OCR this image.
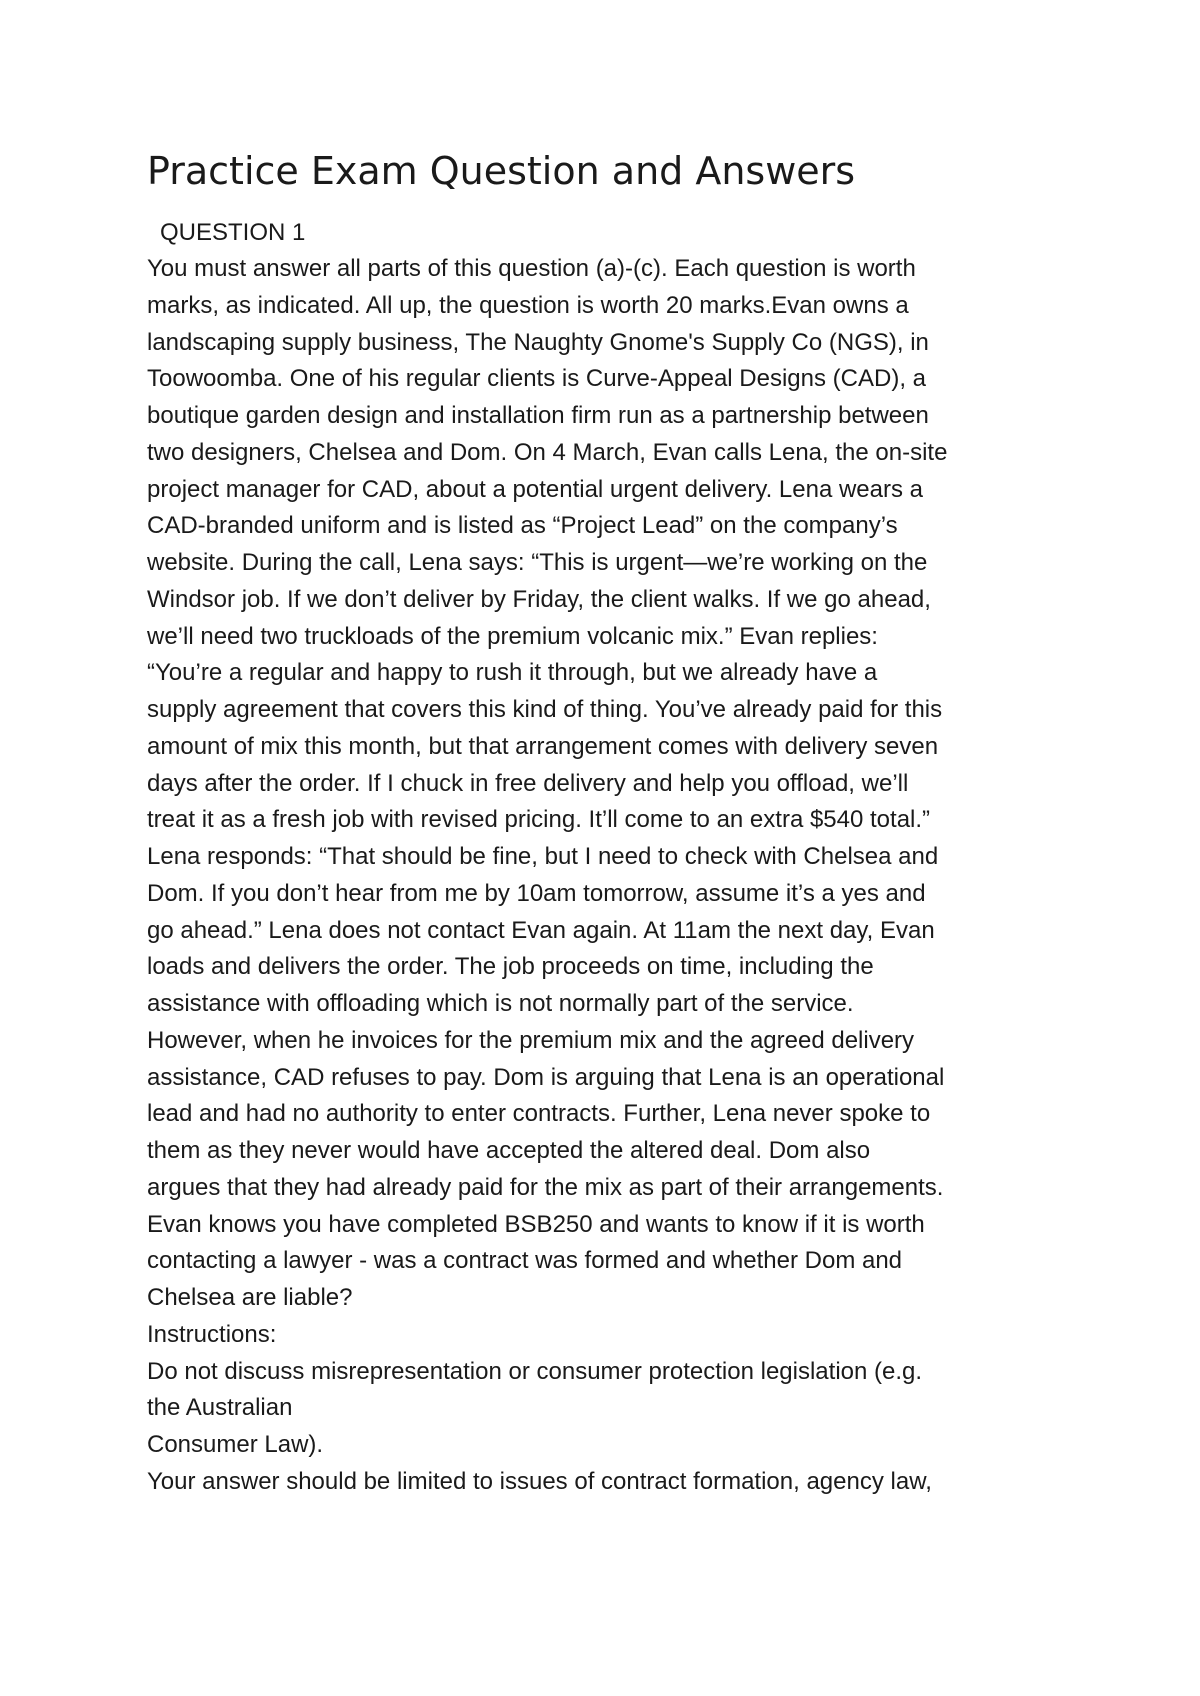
Practice Exam Question and Answers
QUESTION 1
You must answer all parts of this question (a)-(c). Each question is worth
marks, as indicated. All up, the question is worth 20 marks.Evan owns a
landscaping supply business, The Naughty Gnome's Supply Co (NGS), in
Toowoomba. One of his regular clients is Curve-Appeal Designs (CAD), a
boutique garden design and installation firm run as a partnership between
two designers, Chelsea and Dom. On 4 March, Evan calls Lena, the on-site
project manager for CAD, about a potential urgent delivery. Lena wears a
CAD-branded uniform and is listed as “Project Lead” on the company’s
website. During the call, Lena says: “This is urgent—we’re working on the
Windsor job. If we don’t deliver by Friday, the client walks. If we go ahead,
we’ll need two truckloads of the premium volcanic mix.” Evan replies:
“You’re a regular and happy to rush it through, but we already have a
supply agreement that covers this kind of thing. You’ve already paid for this
amount of mix this month, but that arrangement comes with delivery seven
days after the order. If I chuck in free delivery and help you offload, we’ll
treat it as a fresh job with revised pricing. It’ll come to an extra $540 total.”
Lena responds: “That should be fine, but I need to check with Chelsea and
Dom. If you don’t hear from me by 10am tomorrow, assume it’s a yes and
go ahead.” Lena does not contact Evan again. At 11am the next day, Evan
loads and delivers the order. The job proceeds on time, including the
assistance with offloading which is not normally part of the service.
However, when he invoices for the premium mix and the agreed delivery
assistance, CAD refuses to pay. Dom is arguing that Lena is an operational
lead and had no authority to enter contracts. Further, Lena never spoke to
them as they never would have accepted the altered deal. Dom also
argues that they had already paid for the mix as part of their arrangements.
Evan knows you have completed BSB250 and wants to know if it is worth
contacting a lawyer - was a contract was formed and whether Dom and
Chelsea are liable?
Instructions:
Do not discuss misrepresentation or consumer protection legislation (e.g.
the Australian
Consumer Law).
Your answer should be limited to issues of contract formation, agency law,
